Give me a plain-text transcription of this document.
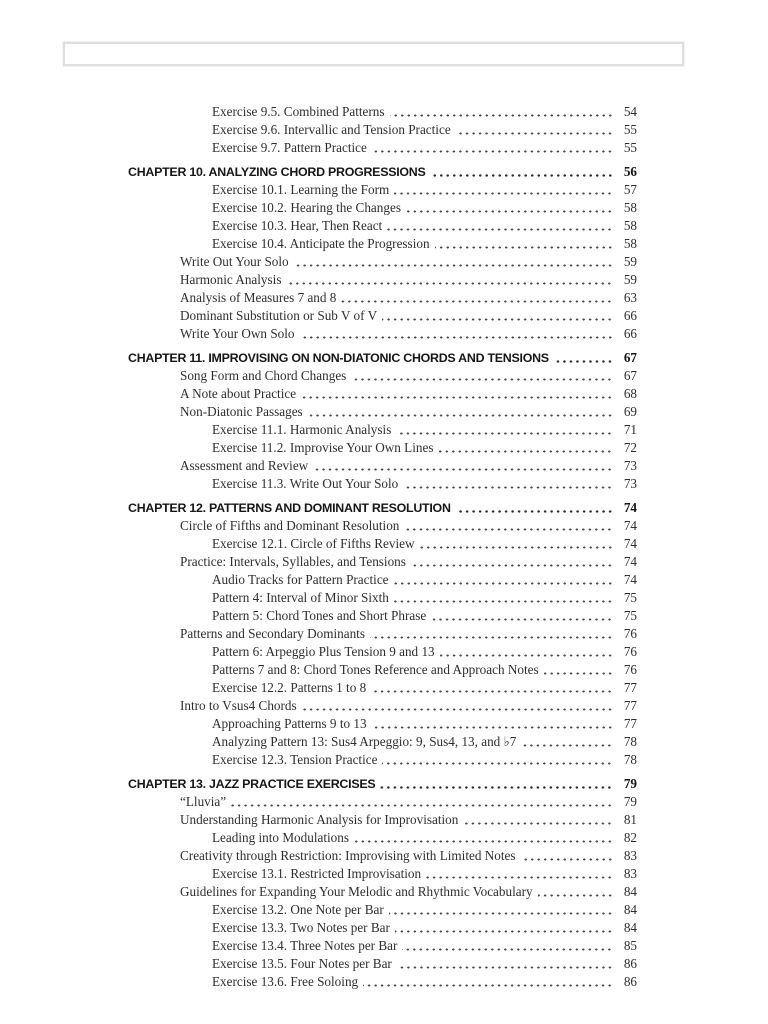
Exercise 9.5. Combined Patterns	54
Exercise 9.6. Intervallic and Tension Practice	55
Exercise 9.7. Pattern Practice	55
CHAPTER 10. ANALYZING CHORD PROGRESSIONS	56
Exercise 10.1. Learning the Form	57
Exercise 10.2. Hearing the Changes	58
Exercise 10.3. Hear, Then React	58
Exercise 10.4. Anticipate the Progression	58
Write Out Your Solo	59
Harmonic Analysis	59
Analysis of Measures 7 and 8	63
Dominant Substitution or Sub V of V	66
Write Your Own Solo	66
CHAPTER 11. IMPROVISING ON NON-DIATONIC CHORDS AND TENSIONS	67
Song Form and Chord Changes	67
A Note about Practice	68
Non-Diatonic Passages	69
Exercise 11.1. Harmonic Analysis	71
Exercise 11.2. Improvise Your Own Lines	72
Assessment and Review	73
Exercise 11.3. Write Out Your Solo	73
CHAPTER 12. PATTERNS AND DOMINANT RESOLUTION	74
Circle of Fifths and Dominant Resolution	74
Exercise 12.1. Circle of Fifths Review	74
Practice: Intervals, Syllables, and Tensions	74
Audio Tracks for Pattern Practice	74
Pattern 4: Interval of Minor Sixth	75
Pattern 5: Chord Tones and Short Phrase	75
Patterns and Secondary Dominants	76
Pattern 6: Arpeggio Plus Tension 9 and 13	76
Patterns 7 and 8: Chord Tones Reference and Approach Notes	76
Exercise 12.2. Patterns 1 to 8	77
Intro to Vsus4 Chords	77
Approaching Patterns 9 to 13	77
Analyzing Pattern 13: Sus4 Arpeggio: 9, Sus4, 13, and ♭7	78
Exercise 12.3. Tension Practice	78
CHAPTER 13. JAZZ PRACTICE EXERCISES	79
“Lluvia”	79
Understanding Harmonic Analysis for Improvisation	81
Leading into Modulations	82
Creativity through Restriction: Improvising with Limited Notes	83
Exercise 13.1. Restricted Improvisation	83
Guidelines for Expanding Your Melodic and Rhythmic Vocabulary	84
Exercise 13.2. One Note per Bar	84
Exercise 13.3. Two Notes per Bar	84
Exercise 13.4. Three Notes per Bar	85
Exercise 13.5. Four Notes per Bar	86
Exercise 13.6. Free Soloing	86
